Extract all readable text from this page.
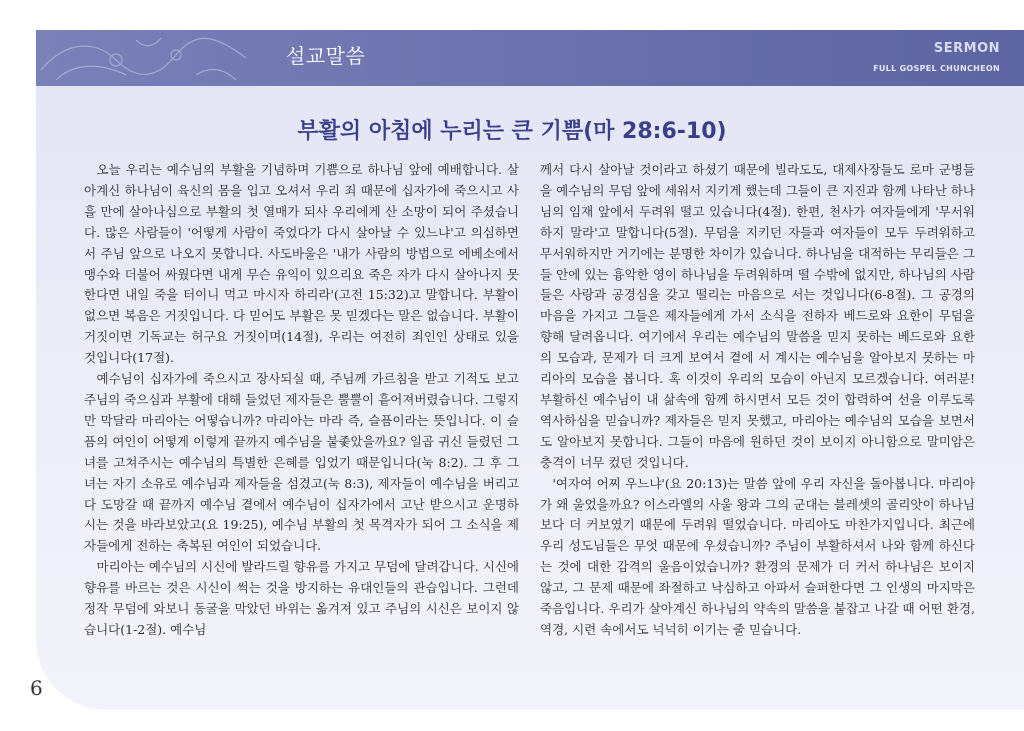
설교말씀	SERMON
FULL GOSPEL CHUNCHEON
부활의 아침에 누리는 큰 기쁨(마 28:6-10)

오늘 우리는 예수님의 부활을 기념하며 기쁨으로 하나님 앞에 예배합니다. 살아계신 하나님이 육신의 몸을 입고 오셔서 우리 죄 때문에 십자가에 죽으시고 사흘 만에 살아나심으로 부활의 첫 열매가 되사 우리에게 산 소망이 되어 주셨습니다. 많은 사람들이 '어떻게 사람이 죽었다가 다시 살아날 수 있느냐'고 의심하면서 주님 앞으로 나오지 못합니다. 사도바울은 '내가 사람의 방법으로 에베소에서 맹수와 더불어 싸웠다면 내게 무슨 유익이 있으리요 죽은 자가 다시 살아나지 못한다면 내일 죽을 터이니 먹고 마시자 하리라'(고전 15:32)고 말합니다. 부활이 없으면 복음은 거짓입니다. 다 믿어도 부활은 못 믿겠다는 말은 없습니다. 부활이 거짓이면 기독교는 허구요 거짓이며(14절), 우리는 여전히 죄인인 상태로 있을 것입니다(17절).

예수님이 십자가에 죽으시고 장사되실 때, 주님께 가르침을 받고 기적도 보고 주님의 죽으심과 부활에 대해 들었던 제자들은 뿔뿔이 흩어져버렸습니다. 그렇지만 막달라 마리아는 어떻습니까? 마리아는 마라 즉, 슬픔이라는 뜻입니다. 이 슬픔의 여인이 어떻게 이렇게 끝까지 예수님을 붙좇았을까요? 일곱 귀신 들렸던 그녀를 고쳐주시는 예수님의 특별한 은혜를 입었기 때문입니다(눅 8:2). 그 후 그녀는 자기 소유로 예수님과 제자들을 섬겼고(눅 8:3), 제자들이 예수님을 버리고 다 도망갈 때 끝까지 예수님 곁에서 예수님이 십자가에서 고난 받으시고 운명하시는 것을 바라보았고(요 19:25), 예수님 부활의 첫 목격자가 되어 그 소식을 제자들에게 전하는 축복된 여인이 되었습니다.

마리아는 예수님의 시신에 발라드릴 향유를 가지고 무덤에 달려갑니다. 시신에 향유를 바르는 것은 시신이 썩는 것을 방지하는 유대인들의 관습입니다. 그런데 정작 무덤에 와보니 동굴을 막았던 바위는 옮겨져 있고 주님의 시신은 보이지 않습니다(1-2절). 예수님

께서 다시 살아날 것이라고 하셨기 때문에 빌라도도, 대제사장들도 로마 군병들을 예수님의 무덤 앞에 세워서 지키게 했는데 그들이 큰 지진과 함께 나타난 하나님의 임재 앞에서 두려워 떨고 있습니다(4절). 한편, 천사가 여자들에게 '무서워하지 말라'고 말합니다(5절). 무덤을 지키던 자들과 여자들이 모두 두려워하고 무서워하지만 거기에는 분명한 차이가 있습니다. 하나님을 대적하는 무리들은 그들 안에 있는 흉악한 영이 하나님을 두려워하며 떨 수밖에 없지만, 하나님의 사람들은 사랑과 공경심을 갖고 떨리는 마음으로 서는 것입니다(6-8절). 그 공경의 마음을 가지고 그들은 제자들에게 가서 소식을 전하자 베드로와 요한이 무덤을 향해 달려옵니다. 여기에서 우리는 예수님의 말씀을 믿지 못하는 베드로와 요한의 모습과, 문제가 더 크게 보여서 곁에 서 계시는 예수님을 알아보지 못하는 마리아의 모습을 봅니다. 혹 이것이 우리의 모습이 아닌지 모르겠습니다. 여러분! 부활하신 예수님이 내 삶속에 함께 하시면서 모든 것이 합력하여 선을 이루도록 역사하심을 믿습니까? 제자들은 믿지 못했고, 마리아는 예수님의 모습을 보면서도 알아보지 못합니다. 그들이 마음에 원하던 것이 보이지 아니함으로 말미암은 충격이 너무 컸던 것입니다.

'여자여 어찌 우느냐'(요 20:13)는 말씀 앞에 우리 자신을 돌아봅니다. 마리아가 왜 울었을까요? 이스라엘의 사울 왕과 그의 군대는 블레셋의 골리앗이 하나님보다 더 커보였기 때문에 두려워 떨었습니다. 마리아도 마찬가지입니다. 최근에 우리 성도님들은 무엇 때문에 우셨습니까? 주님이 부활하셔서 나와 함께 하신다는 것에 대한 감격의 울음이었습니까? 환경의 문제가 더 커서 하나님은 보이지 않고, 그 문제 때문에 좌절하고 낙심하고 아파서 슬퍼한다면 그 인생의 마지막은 죽음입니다. 우리가 살아계신 하나님의 약속의 말씀을 붙잡고 나갈 때 어떤 환경, 역경, 시련 속에서도 넉넉히 이기는 줄 믿습니다.

6
